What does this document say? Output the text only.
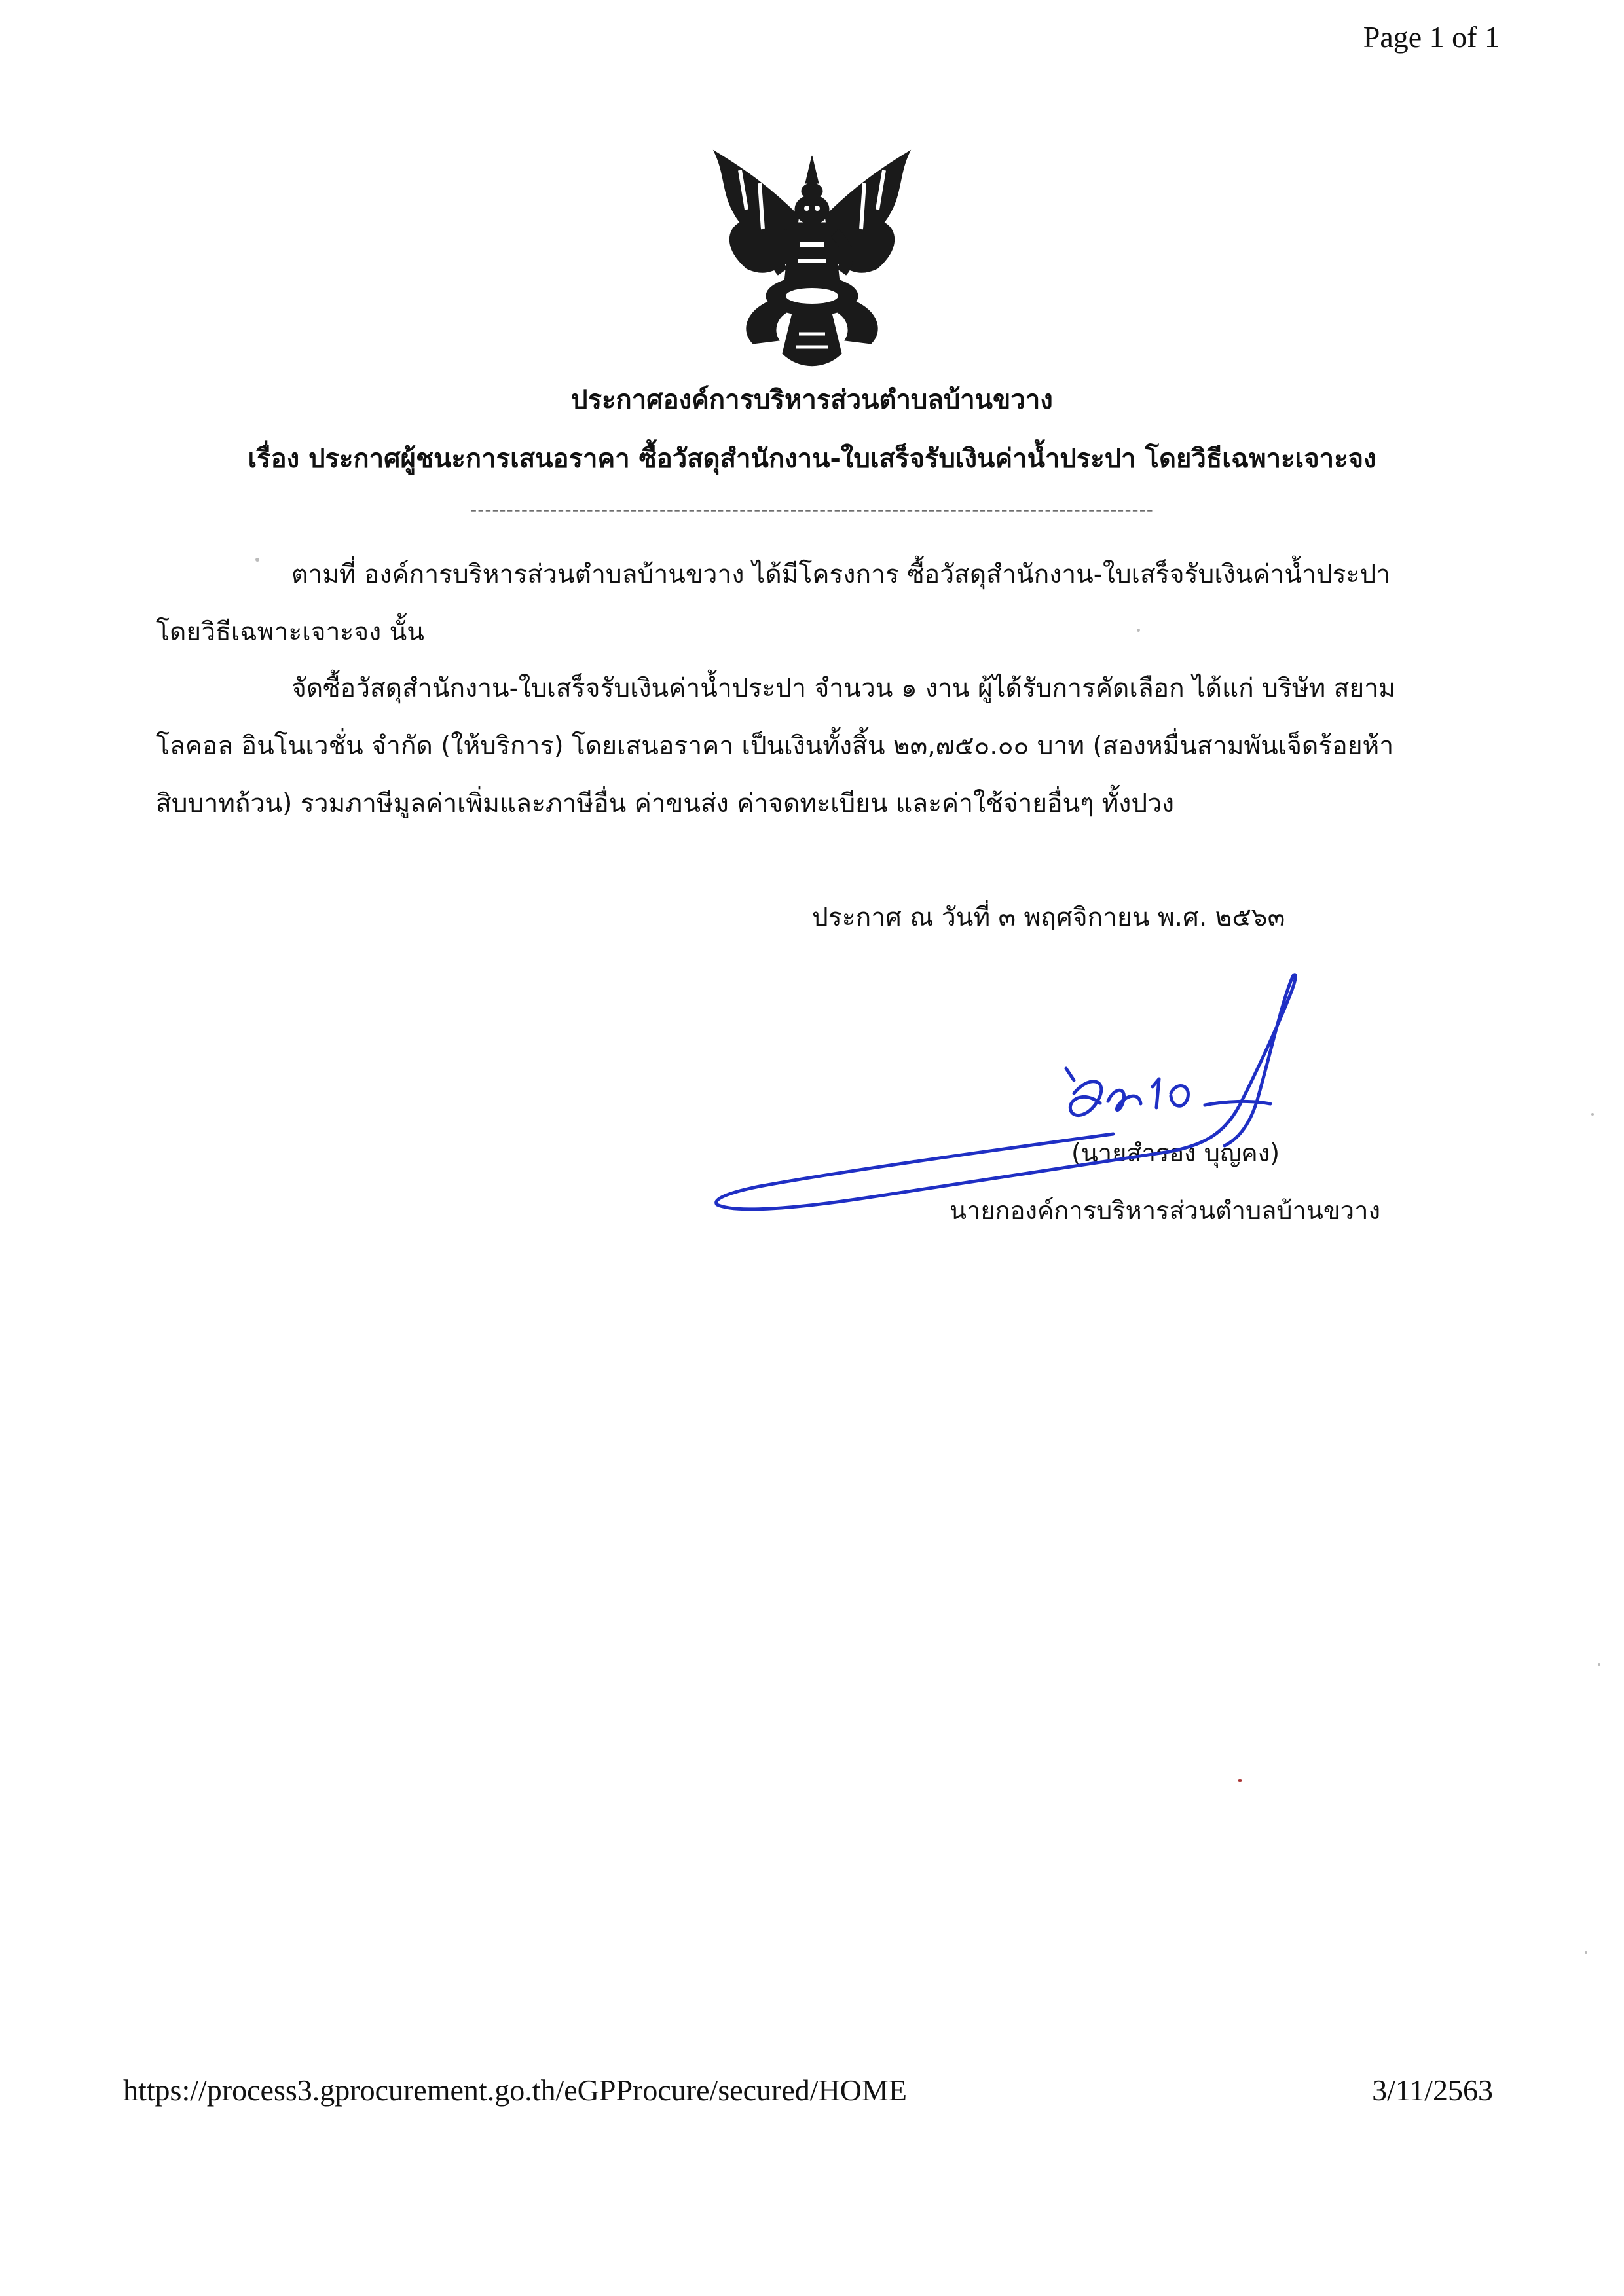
Page 1 of 1
ประกาศองค์การบริหารส่วนตำบลบ้านขวาง
เรื่อง ประกาศผู้ชนะการเสนอราคา ซื้อวัสดุสำนักงาน-ใบเสร็จรับเงินค่าน้ำประปา โดยวิธีเฉพาะเจาะจง
----------------------------------------------------------------------------------------------
ตามที่ องค์การบริหารส่วนตำบลบ้านขวาง ได้มีโครงการ ซื้อวัสดุสำนักงาน-ใบเสร็จรับเงินค่าน้ำประปา
โดยวิธีเฉพาะเจาะจง นั้น
จัดซื้อวัสดุสำนักงาน-ใบเสร็จรับเงินค่าน้ำประปา จำนวน ๑ งาน ผู้ได้รับการคัดเลือก ได้แก่ บริษัท สยาม
โลคอล อินโนเวชั่น จำกัด (ให้บริการ) โดยเสนอราคา เป็นเงินทั้งสิ้น ๒๓,๗๕๐.๐๐ บาท (สองหมื่นสามพันเจ็ดร้อยห้า
สิบบาทถ้วน) รวมภาษีมูลค่าเพิ่มและภาษีอื่น ค่าขนส่ง ค่าจดทะเบียน และค่าใช้จ่ายอื่นๆ ทั้งปวง
ประกาศ ณ วันที่ ๓ พฤศจิกายน พ.ศ. ๒๕๖๓
(นายสำรอง บุญคง)
นายกองค์การบริหารส่วนตำบลบ้านขวาง
https://process3.gprocurement.go.th/eGPProcure/secured/HOME	3/11/2563
